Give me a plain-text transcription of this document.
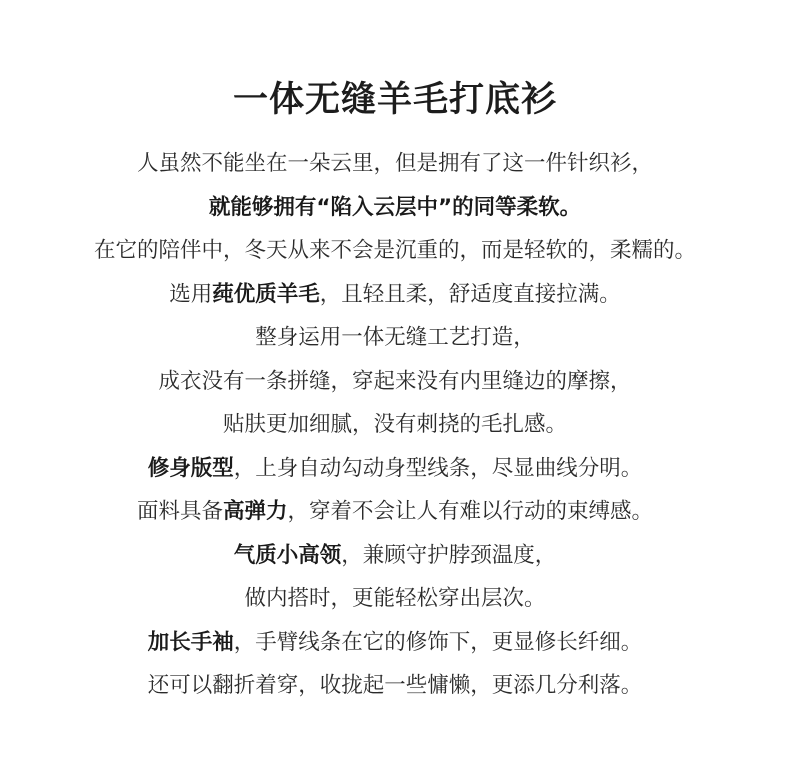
一体无缝羊毛打底衫
人虽然不能坐在一朵云里，但是拥有了这一件针织衫，
就能够拥有“陷入云层中”的同等柔软。
在它的陪伴中，冬天从来不会是沉重的，而是轻软的，柔糯的。
选用莼优质羊毛，且轻且柔，舒适度直接拉满。
整身运用一体无缝工艺打造，
成衣没有一条拼缝，穿起来没有内里缝边的摩擦，
贴肤更加细腻，没有刺挠的毛扎感。
修身版型，上身自动勾动身型线条，尽显曲线分明。
面料具备高弹力，穿着不会让人有难以行动的束缚感。
气质小高领，兼顾守护脖颈温度，
做内搭时，更能轻松穿出层次。
加长手袖，手臂线条在它的修饰下，更显修长纤细。
还可以翻折着穿，收拢起一些慵懒，更添几分利落。
